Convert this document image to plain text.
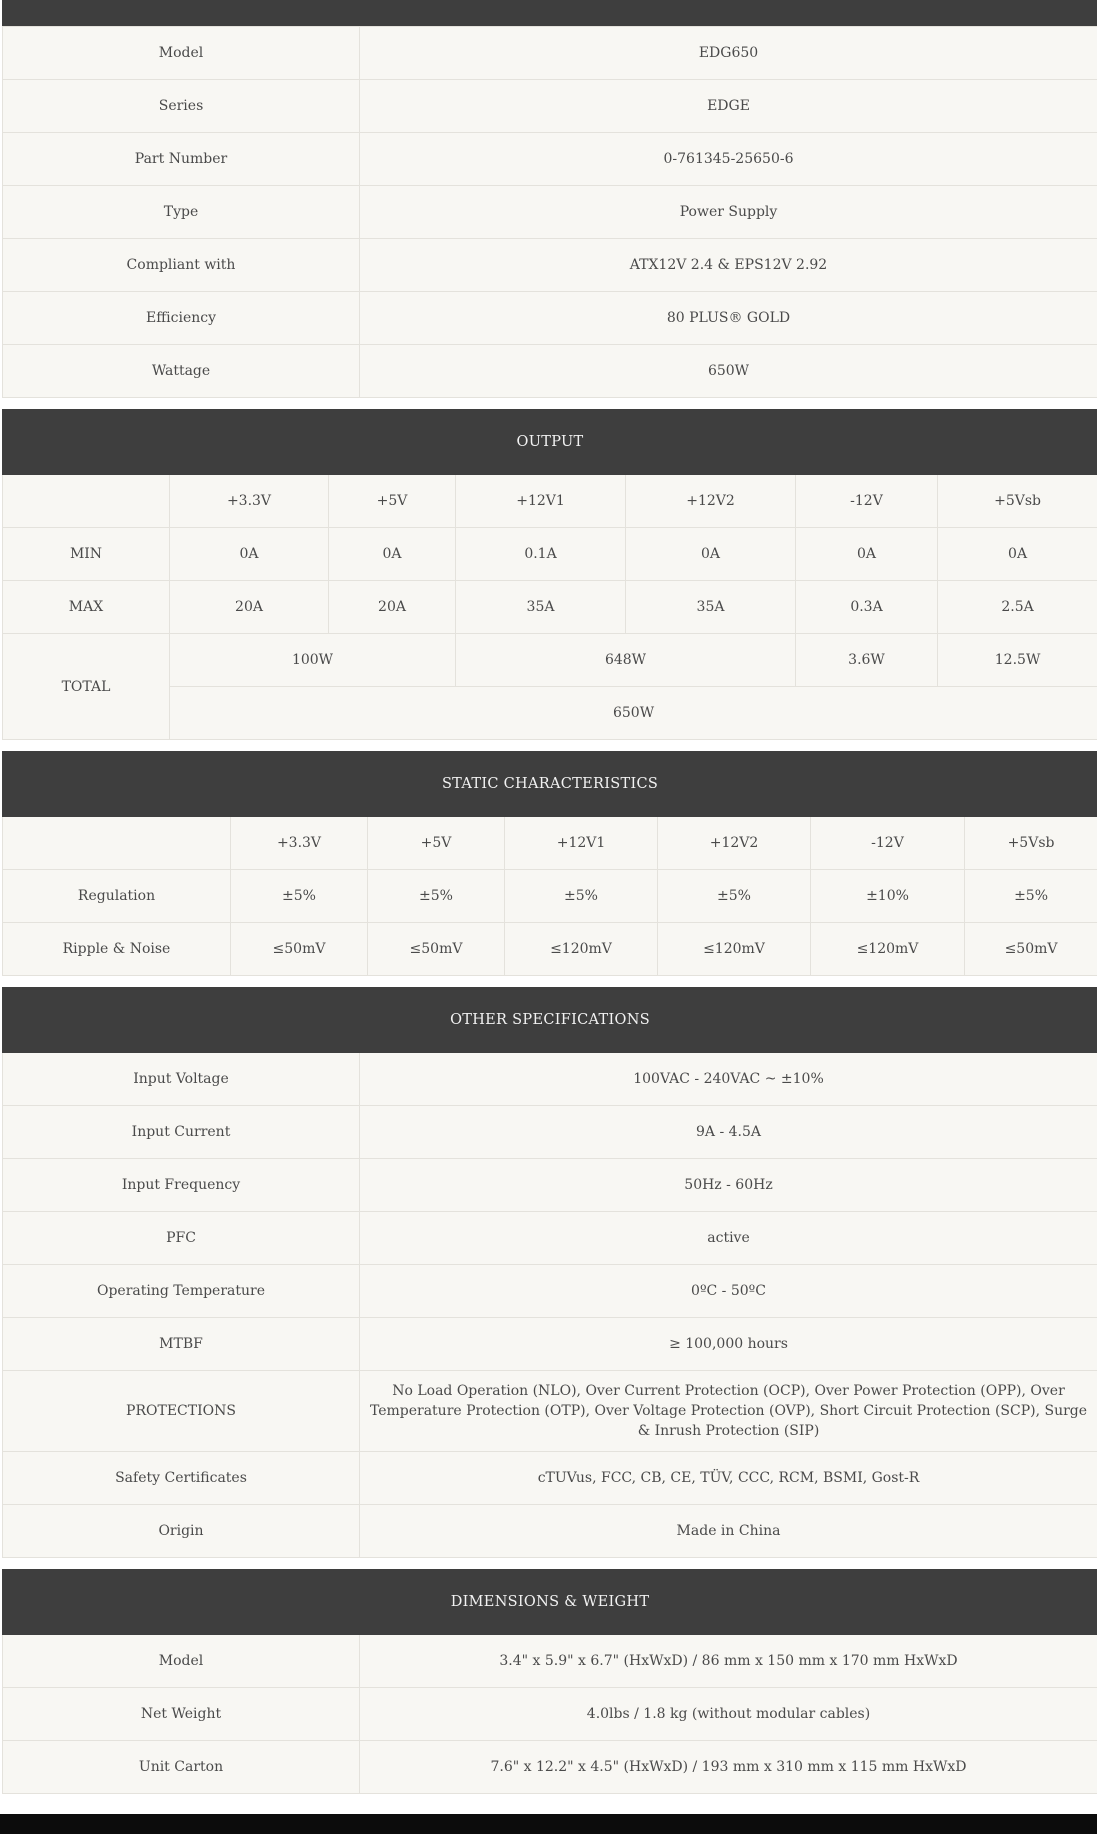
Model	EDG650
Series	EDGE
Part Number	0-761345-25650-6
Type	Power Supply
Compliant with	ATX12V 2.4 & EPS12V 2.92
Efficiency	80 PLUS® GOLD
Wattage	650W
OUTPUT						
	+3.3V	+5V	+12V1	+12V2	-12V	+5Vsb
MIN	0A	0A	0.1A	0A	0A	0A
MAX	20A	20A	35A	35A	0.3A	2.5A
TOTAL	100W		648W		3.6W	12.5W
	650W					
STATIC CHARACTERISTICS						
	+3.3V	+5V	+12V1	+12V2	-12V	+5Vsb
Regulation	±5%	±5%	±5%	±5%	±10%	±5%
Ripple & Noise	≤50mV	≤50mV	≤120mV	≤120mV	≤120mV	≤50mV
OTHER SPECIFICATIONS	
Input Voltage	100VAC - 240VAC ~ ±10%
Input Current	9A - 4.5A
Input Frequency	50Hz - 60Hz
PFC	active
Operating Temperature	0ºC - 50ºC
MTBF	≥ 100,000 hours
PROTECTIONS	No Load Operation (NLO), Over Current Protection (OCP), Over Power Protection (OPP), Over Temperature Protection (OTP), Over Voltage Protection (OVP), Short Circuit Protection (SCP), Surge & Inrush Protection (SIP)
Safety Certificates	cTUVus, FCC, CB, CE, TÜV, CCC, RCM, BSMI, Gost-R
Origin	Made in China
DIMENSIONS & WEIGHT	
Model	3.4" x 5.9" x 6.7" (HxWxD) / 86 mm x 150 mm x 170 mm HxWxD
Net Weight	4.0lbs / 1.8 kg (without modular cables)
Unit Carton	7.6" x 12.2" x 4.5" (HxWxD) / 193 mm x 310 mm x 115 mm HxWxD
